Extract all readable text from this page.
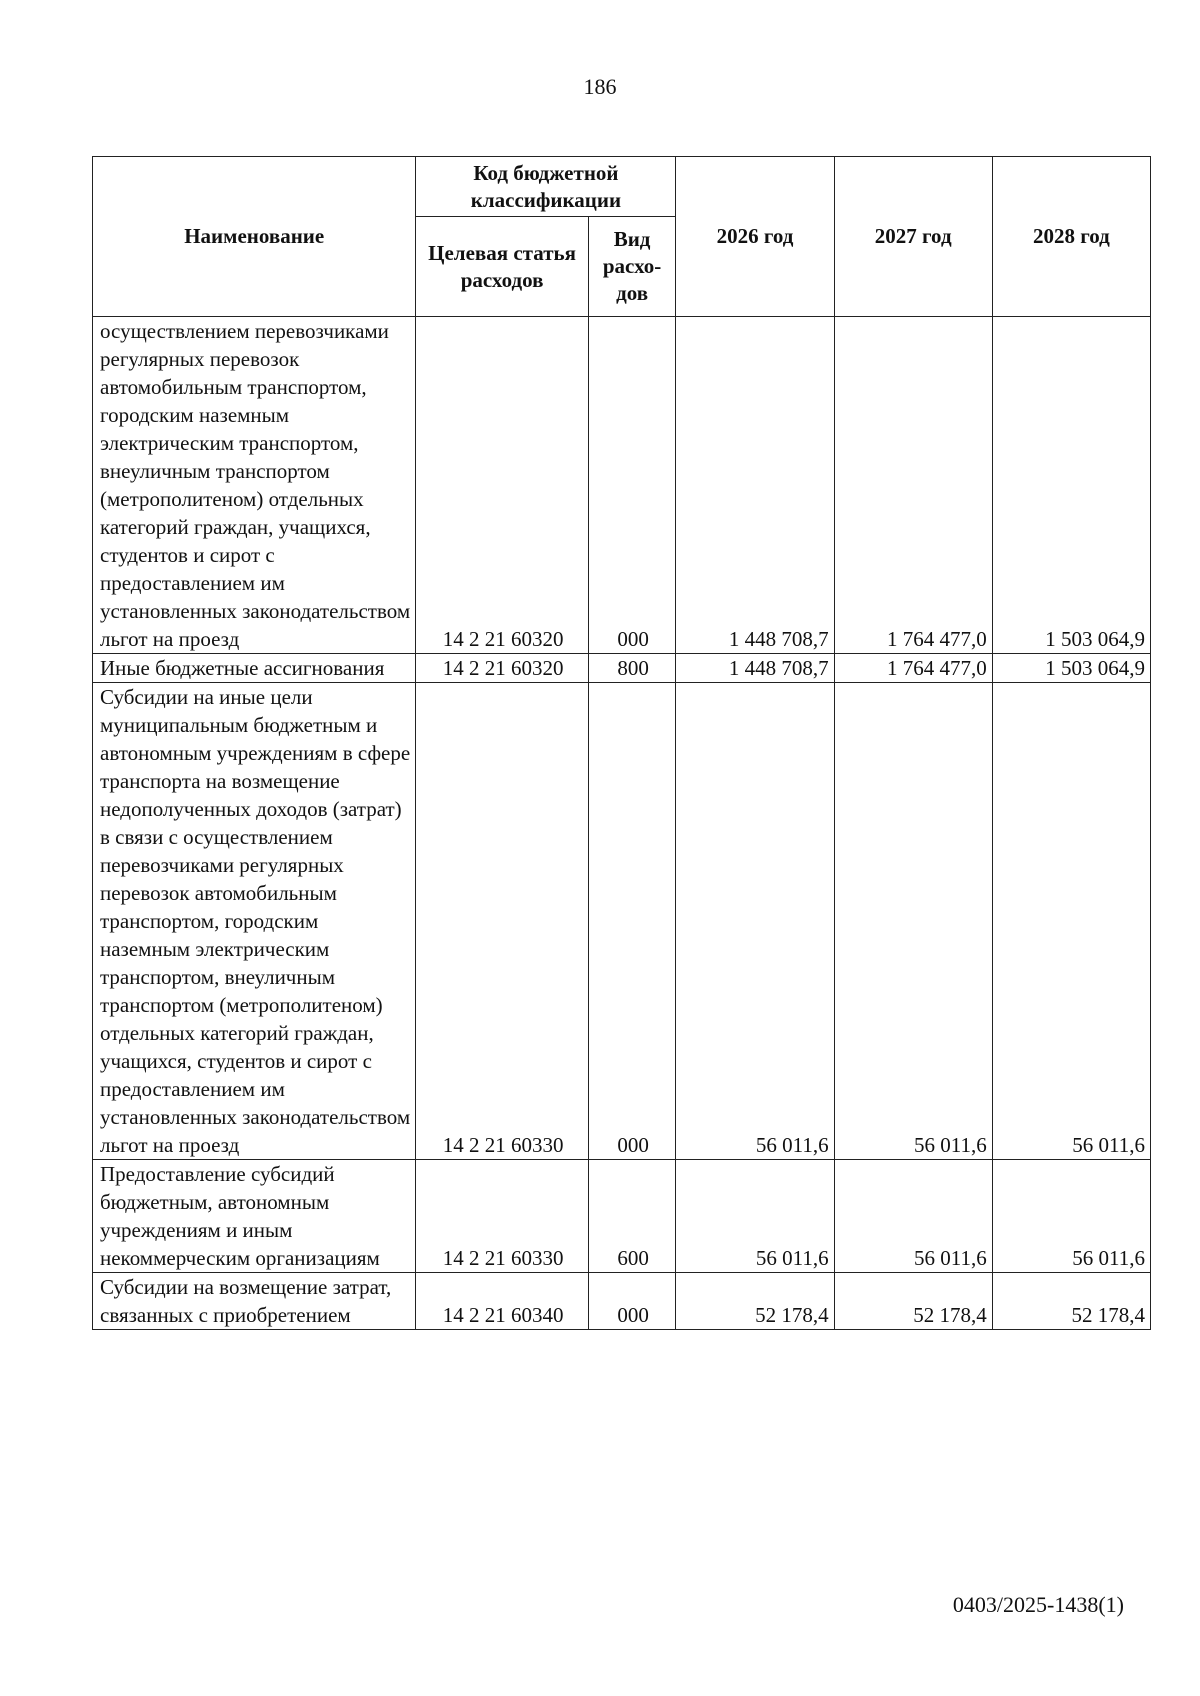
186
Наименование	Код бюджетной классификации		2026 год	2027 год	2028 год
	Целевая статья расходов	Вид расхо-дов			
осуществлением перевозчиками регулярных перевозок автомобильным транспортом, городским наземным электрическим транспортом, внеуличным транспортом (метрополитеном) отдельных категорий граждан, учащихся, студентов и сирот с предоставлением им установленных законодательством льгот на проезд	14 2 21 60320	000	1 448 708,7	1 764 477,0	1 503 064,9
Иные бюджетные ассигнования	14 2 21 60320	800	1 448 708,7	1 764 477,0	1 503 064,9
Субсидии на иные цели муниципальным бюджетным и автономным учреждениям в сфере транспорта на возмещение недополученных доходов (затрат) в связи с осуществлением перевозчиками регулярных перевозок автомобильным транспортом, городским наземным электрическим транспортом, внеуличным транспортом (метрополитеном) отдельных категорий граждан, учащихся, студентов и сирот с предоставлением им установленных законодательством льгот на проезд	14 2 21 60330	000	56 011,6	56 011,6	56 011,6
Предоставление субсидий бюджетным, автономным учреждениям и иным некоммерческим организациям	14 2 21 60330	600	56 011,6	56 011,6	56 011,6
Субсидии на возмещение затрат, связанных с приобретением	14 2 21 60340	000	52 178,4	52 178,4	52 178,4
0403/2025-1438(1)
